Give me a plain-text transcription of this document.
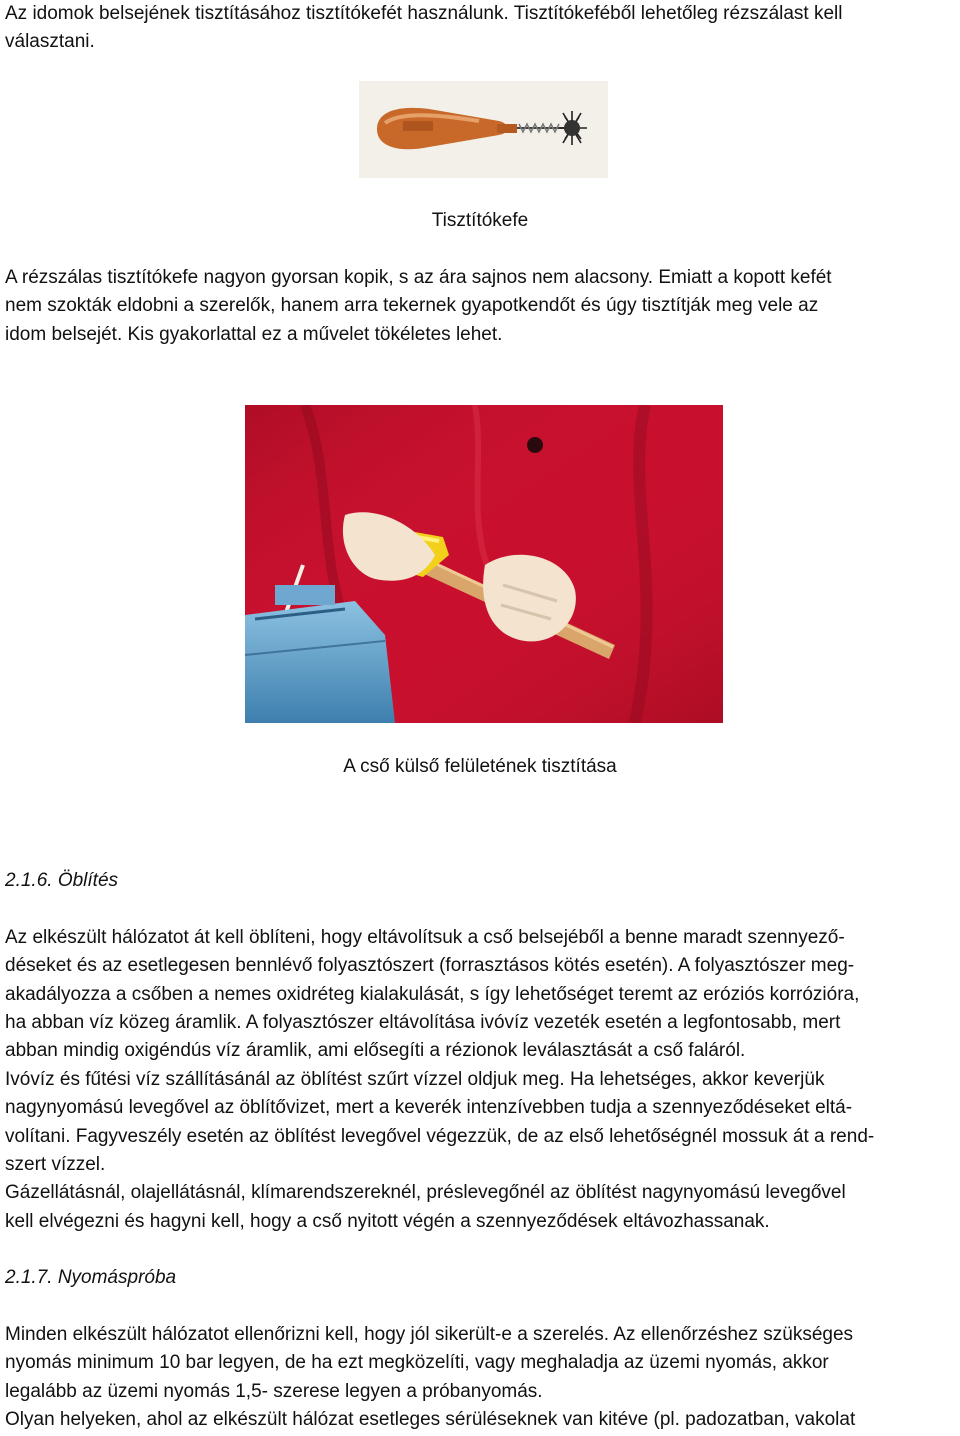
Az idomok belsejének tisztításához tisztítókefét használunk. Tisztítókeféből lehetőleg rézszálast kell
választani.
Tisztítókefe
A rézszálas tisztítókefe nagyon gyorsan kopik, s az ára sajnos nem alacsony. Emiatt a kopott kefét
nem szokták eldobni a szerelők, hanem arra tekernek gyapotkendőt és úgy tisztítják meg vele az
idom belsejét. Kis gyakorlattal ez a művelet tökéletes lehet.
A cső külső felületének tisztítása
2.1.6. Öblítés
Az elkészült hálózatot át kell öblíteni, hogy eltávolítsuk a cső belsejéből a benne maradt szennyező-
déseket és az esetlegesen bennlévő folyasztószert (forrasztásos kötés esetén). A folyasztószer meg-
akadályozza a csőben a nemes oxidréteg kialakulását, s így lehetőséget teremt az eróziós korrózióra,
ha abban víz közeg áramlik. A folyasztószer eltávolítása ivóvíz vezeték esetén a legfontosabb, mert
abban mindig oxigéndús víz áramlik, ami elősegíti a rézionok leválasztását a cső faláról.
Ivóvíz és fűtési víz szállításánál az öblítést szűrt vízzel oldjuk meg. Ha lehetséges, akkor keverjük
nagynyomású levegővel az öblítővizet, mert a keverék intenzívebben tudja a szennyeződéseket eltá-
volítani. Fagyveszély esetén az öblítést levegővel végezzük, de az első lehetőségnél mossuk át a rend-
szert vízzel.
Gázellátásnál, olajellátásnál, klímarendszereknél, préslevegőnél az öblítést nagynyomású levegővel
kell elvégezni és hagyni kell, hogy a cső nyitott végén a szennyeződések eltávozhassanak.
2.1.7. Nyomáspróba
Minden elkészült hálózatot ellenőrizni kell, hogy jól sikerült-e a szerelés. Az ellenőrzéshez szükséges
nyomás minimum 10 bar legyen, de ha ezt megközelíti, vagy meghaladja az üzemi nyomás, akkor
legalább az üzemi nyomás 1,5- szerese legyen a próbanyomás.
Olyan helyeken, ahol az elkészült hálózat esetleges sérüléseknek van kitéve (pl. padozatban, vakolat
